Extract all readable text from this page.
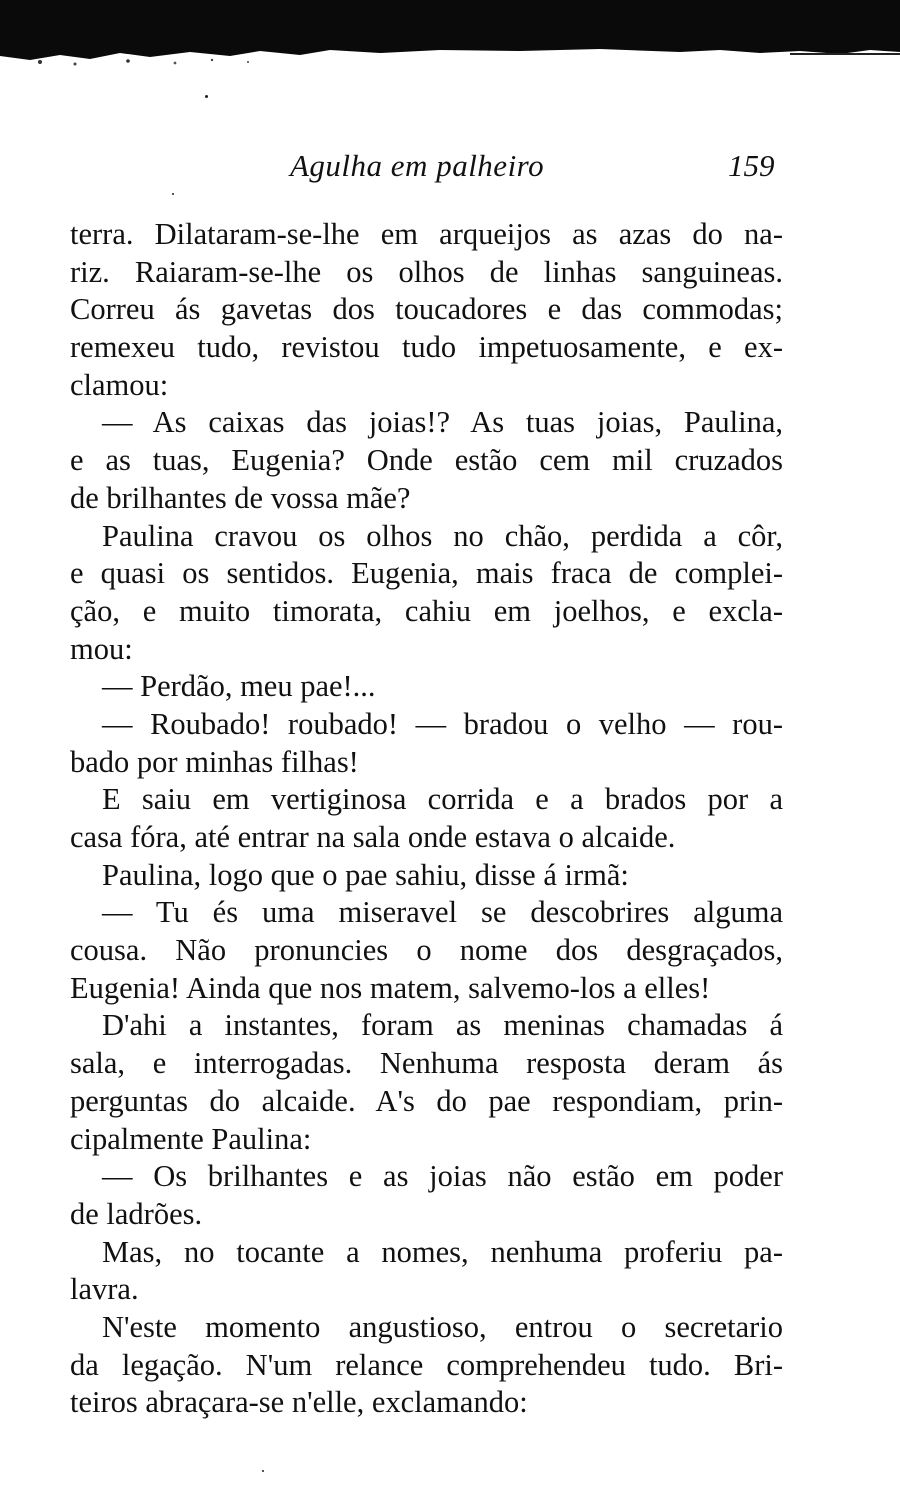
Agulha em palheiro	159
terra. Dilataram-se-lhe em arqueijos as azas do na-
riz. Raiaram-se-lhe os olhos de linhas sanguineas.
Correu ás gavetas dos toucadores e das commodas;
remexeu tudo, revistou tudo impetuosamente, e ex-
clamou:
— As caixas das joias!? As tuas joias, Paulina,
e as tuas, Eugenia? Onde estão cem mil cruzados
de brilhantes de vossa mãe?
Paulina cravou os olhos no chão, perdida a côr,
e quasi os sentidos. Eugenia, mais fraca de complei-
ção, e muito timorata, cahiu em joelhos, e excla-
mou:
— Perdão, meu pae!...
— Roubado! roubado! — bradou o velho — rou-
bado por minhas filhas!
E saiu em vertiginosa corrida e a brados por a
casa fóra, até entrar na sala onde estava o alcaide.
Paulina, logo que o pae sahiu, disse á irmã:
— Tu és uma miseravel se descobrires alguma
cousa. Não pronuncies o nome dos desgraçados,
Eugenia! Ainda que nos matem, salvemo-los a elles!
D'ahi a instantes, foram as meninas chamadas á
sala, e interrogadas. Nenhuma resposta deram ás
perguntas do alcaide. A's do pae respondiam, prin-
cipalmente Paulina:
— Os brilhantes e as joias não estão em poder
de ladrões.
Mas, no tocante a nomes, nenhuma proferiu pa-
lavra.
N'este momento angustioso, entrou o secretario
da legação. N'um relance comprehendeu tudo. Bri-
teiros abraçara-se n'elle, exclamando:
